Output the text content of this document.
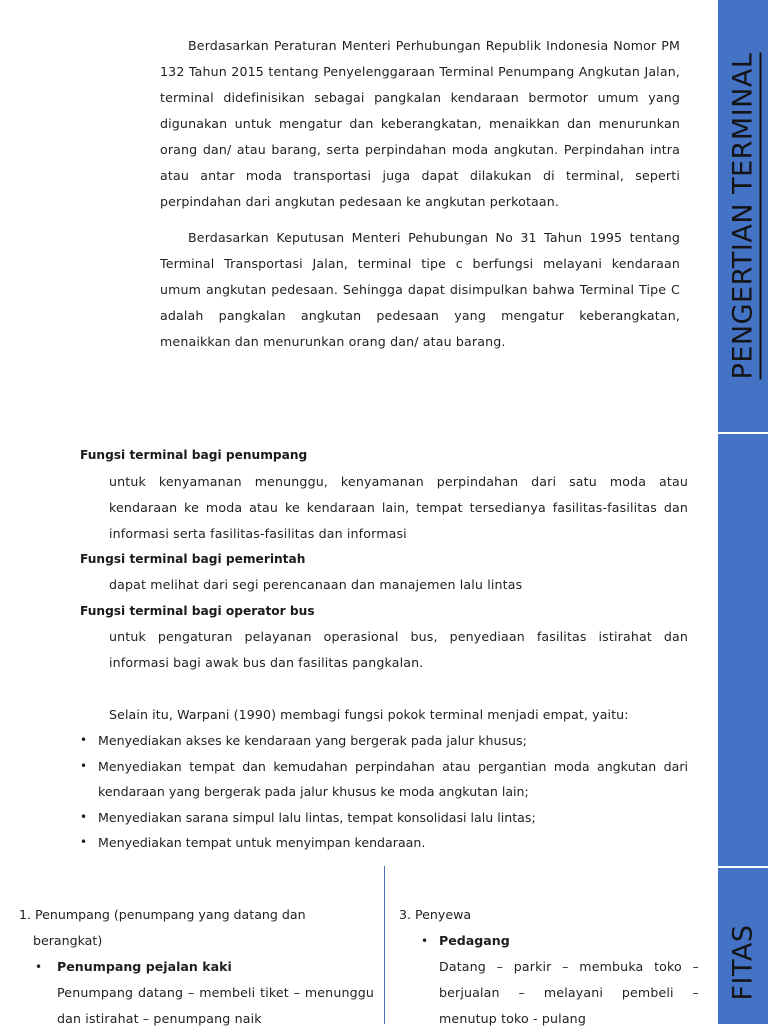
PENGERTIAN TERMINAL
FITAS

Berdasarkan Peraturan Menteri Perhubungan Republik Indonesia Nomor PM 132 Tahun 2015 tentang Penyelenggaraan Terminal Penumpang Angkutan Jalan, terminal didefinisikan sebagai pangkalan kendaraan bermotor umum yang digunakan untuk mengatur dan keberangkatan, menaikkan dan menurunkan orang dan/ atau barang, serta perpindahan moda angkutan. Perpindahan intra atau antar moda transportasi juga dapat dilakukan di terminal, seperti perpindahan dari angkutan pedesaan ke angkutan perkotaan.

Berdasarkan Keputusan Menteri Pehubungan No 31 Tahun 1995 tentang Terminal Transportasi Jalan, terminal tipe c berfungsi melayani kendaraan umum angkutan pedesaan. Sehingga dapat disimpulkan bahwa Terminal Tipe C adalah pangkalan angkutan pedesaan yang mengatur keberangkatan, menaikkan dan menurunkan orang dan/ atau barang.

Fungsi terminal bagi penumpang

untuk kenyamanan menunggu, kenyamanan perpindahan dari satu moda atau kendaraan ke moda atau ke kendaraan lain, tempat tersedianya fasilitas-fasilitas dan informasi serta fasilitas-fasilitas dan informasi

Fungsi terminal bagi pemerintah

dapat melihat dari segi perencanaan dan manajemen lalu lintas

Fungsi terminal bagi operator bus

untuk pengaturan pelayanan operasional bus, penyediaan fasilitas istirahat dan informasi bagi awak bus dan fasilitas pangkalan.

Selain itu, Warpani (1990) membagi fungsi pokok terminal menjadi empat, yaitu:

• Menyediakan akses ke kendaraan yang bergerak pada jalur khusus;
• Menyediakan tempat dan kemudahan perpindahan atau pergantian moda angkutan dari kendaraan yang bergerak pada jalur khusus ke moda angkutan lain;
• Menyediakan sarana simpul lalu lintas, tempat konsolidasi lalu lintas;
• Menyediakan tempat untuk menyimpan kendaraan.
1. Penumpang (penumpang yang datang dan
berangkat)
• Penumpang pejalan kaki

Penumpang datang – membeli tiket – menunggu dan istirahat – penumpang naik

3. Penyewa
• Pedagang

Datang – parkir – membuka toko – berjualan – melayani pembeli – menutup toko - pulang
